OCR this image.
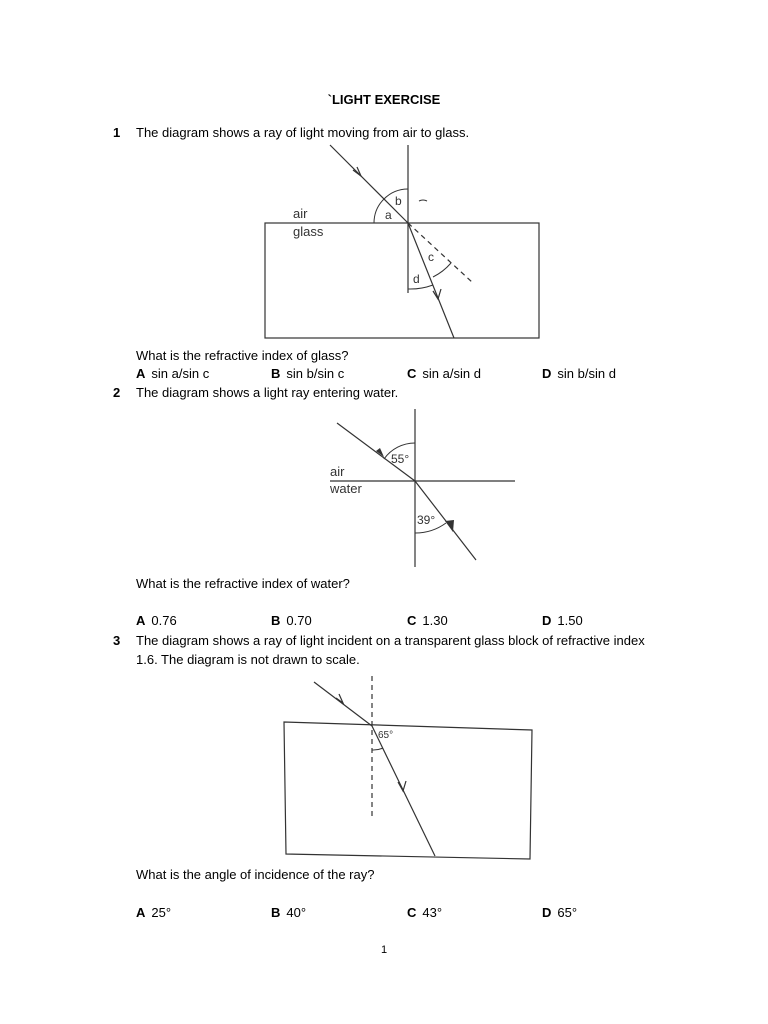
`LIGHT EXERCISE
1 The diagram shows a ray of light moving from air to glass.
b
a
air
glass
c
d
What is the refractive index of glass?
A sin a/sin c	B sin b/sin c	C sin a/sin d	D sin b/sin d
2 The diagram shows a light ray entering water.
55°
air
water
39°
What is the refractive index of water?
A 0.76	B 0.70	C 1.30	D 1.50
3 The diagram shows a ray of light incident on a transparent glass block of refractive index
1.6. The diagram is not drawn to scale.
65°
What is the angle of incidence of the ray?
A 25°	B 40°	C 43°	D 65°
1
